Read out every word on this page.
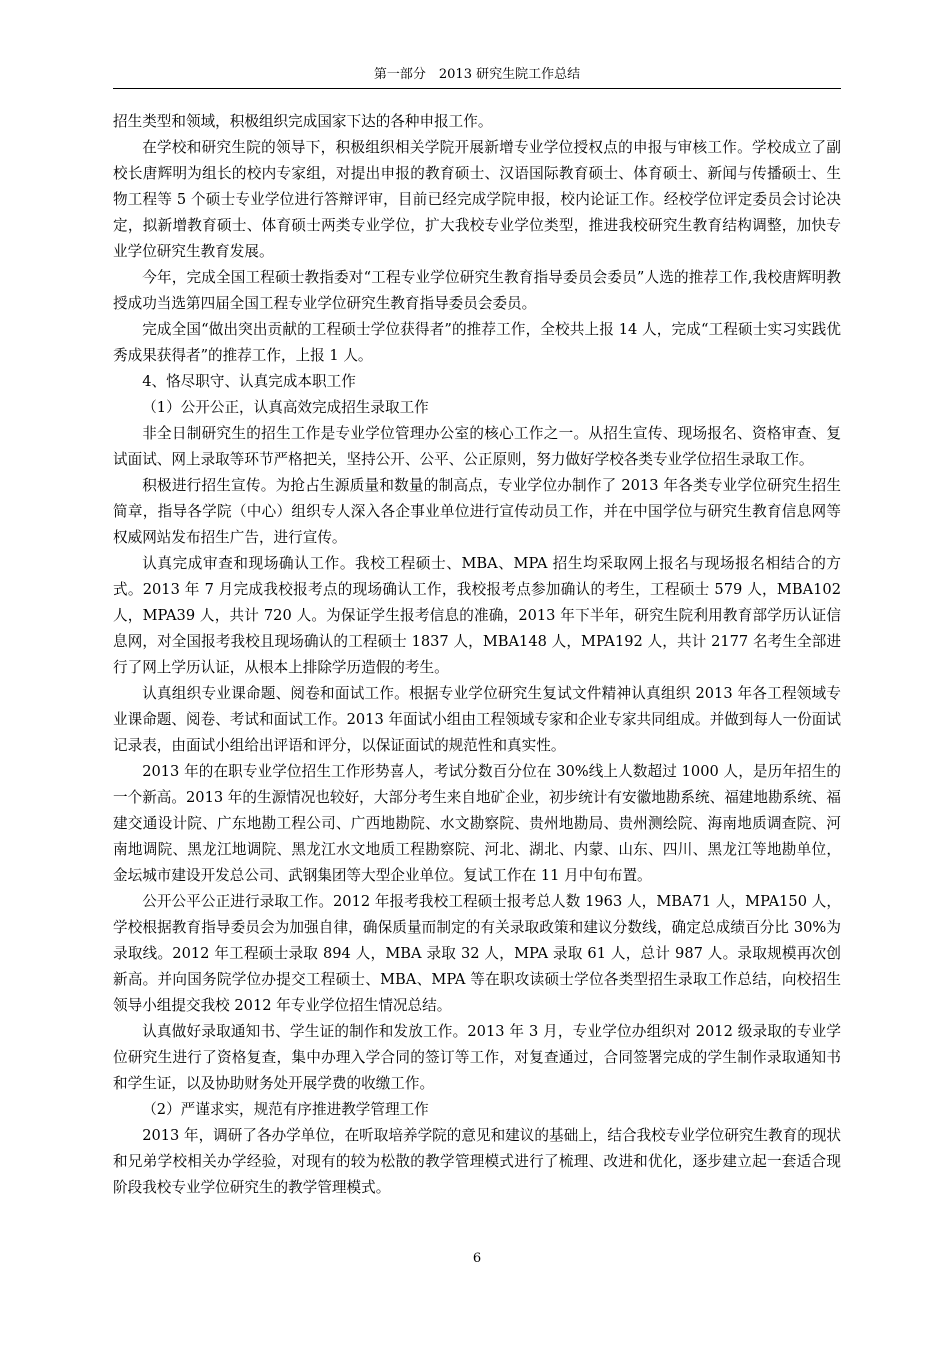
第一部分　2013 研究生院工作总结

招生类型和领域，积极组织完成国家下达的各种申报工作。

在学校和研究生院的领导下，积极组织相关学院开展新增专业学位授权点的申报与审核工作。学校成立了副校长唐辉明为组长的校内专家组，对提出申报的教育硕士、汉语国际教育硕士、体育硕士、新闻与传播硕士、生物工程等 5 个硕士专业学位进行答辩评审，目前已经完成学院申报，校内论证工作。经校学位评定委员会讨论决定，拟新增教育硕士、体育硕士两类专业学位，扩大我校专业学位类型，推进我校研究生教育结构调整，加快专业学位研究生教育发展。

今年，完成全国工程硕士教指委对“工程专业学位研究生教育指导委员会委员”人选的推荐工作,我校唐辉明教授成功当选第四届全国工程专业学位研究生教育指导委员会委员。

完成全国“做出突出贡献的工程硕士学位获得者”的推荐工作，全校共上报 14 人，完成“工程硕士实习实践优秀成果获得者”的推荐工作，上报 1 人。

4、恪尽职守、认真完成本职工作

（1）公开公正，认真高效完成招生录取工作

非全日制研究生的招生工作是专业学位管理办公室的核心工作之一。从招生宣传、现场报名、资格审查、复试面试、网上录取等环节严格把关，坚持公开、公平、公正原则，努力做好学校各类专业学位招生录取工作。

积极进行招生宣传。为抢占生源质量和数量的制高点，专业学位办制作了 2013 年各类专业学位研究生招生简章，指导各学院（中心）组织专人深入各企事业单位进行宣传动员工作，并在中国学位与研究生教育信息网等权威网站发布招生广告，进行宣传。

认真完成审查和现场确认工作。我校工程硕士、MBA、MPA 招生均采取网上报名与现场报名相结合的方式。2013 年 7 月完成我校报考点的现场确认工作，我校报考点参加确认的考生，工程硕士 579 人，MBA102 人，MPA39 人，共计 720 人。为保证学生报考信息的准确，2013 年下半年，研究生院利用教育部学历认证信息网，对全国报考我校且现场确认的工程硕士 1837 人，MBA148 人，MPA192 人，共计 2177 名考生全部进行了网上学历认证，从根本上排除学历造假的考生。

认真组织专业课命题、阅卷和面试工作。根据专业学位研究生复试文件精神认真组织 2013 年各工程领域专业课命题、阅卷、考试和面试工作。2013 年面试小组由工程领域专家和企业专家共同组成。并做到每人一份面试记录表，由面试小组给出评语和评分，以保证面试的规范性和真实性。

2013 年的在职专业学位招生工作形势喜人，考试分数百分位在 30%线上人数超过 1000 人，是历年招生的一个新高。2013 年的生源情况也较好，大部分考生来自地矿企业，初步统计有安徽地勘系统、福建地勘系统、福建交通设计院、广东地勘工程公司、广西地勘院、水文勘察院、贵州地勘局、贵州测绘院、海南地质调查院、河南地调院、黑龙江地调院、黑龙江水文地质工程勘察院、河北、湖北、内蒙、山东、四川、黑龙江等地勘单位，金坛城市建设开发总公司、武钢集团等大型企业单位。复试工作在 11 月中旬布置。

公开公平公正进行录取工作。2012 年报考我校工程硕士报考总人数 1963 人，MBA71 人，MPA150 人，学校根据教育指导委员会为加强自律，确保质量而制定的有关录取政策和建议分数线，确定总成绩百分比 30%为录取线。2012 年工程硕士录取 894 人，MBA 录取 32 人，MPA 录取 61 人，总计 987 人。录取规模再次创新高。并向国务院学位办提交工程硕士、MBA、MPA 等在职攻读硕士学位各类型招生录取工作总结，向校招生领导小组提交我校 2012 年专业学位招生情况总结。

认真做好录取通知书、学生证的制作和发放工作。2013 年 3 月，专业学位办组织对 2012 级录取的专业学位研究生进行了资格复查，集中办理入学合同的签订等工作，对复查通过，合同签署完成的学生制作录取通知书和学生证，以及协助财务处开展学费的收缴工作。

（2）严谨求实，规范有序推进教学管理工作

2013 年，调研了各办学单位，在听取培养学院的意见和建议的基础上，结合我校专业学位研究生教育的现状和兄弟学校相关办学经验，对现有的较为松散的教学管理模式进行了梳理、改进和优化，逐步建立起一套适合现阶段我校专业学位研究生的教学管理模式。

6
